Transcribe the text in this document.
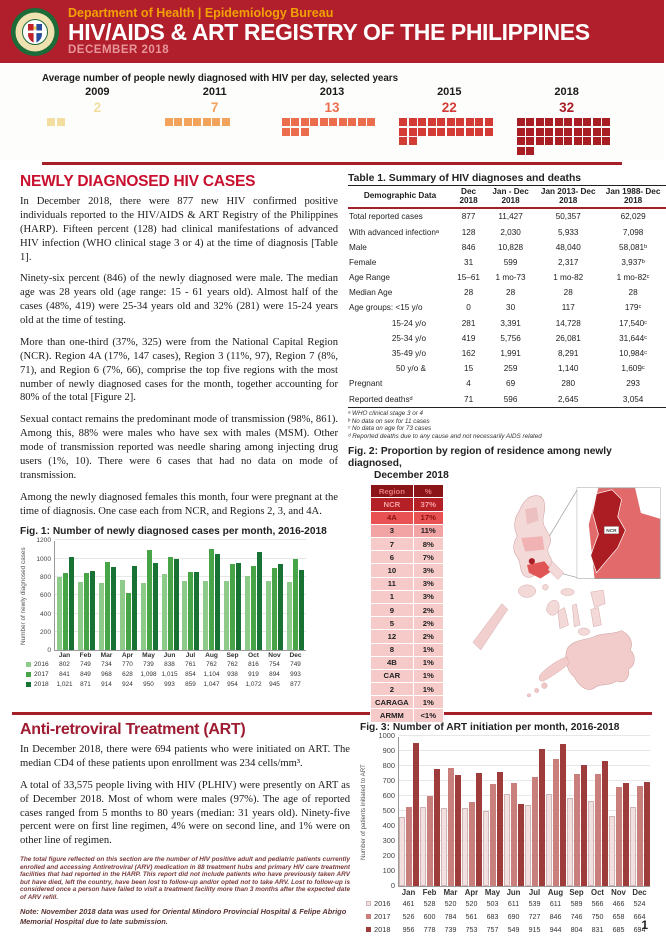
Department of Health | Epidemiology Bureau
HIV/AIDS & ART REGISTRY OF THE PHILIPPINES
DECEMBER 2018
Average number of people newly diagnosed with HIV per day, selected years
2009
2
2011
7
2013
13
2015
22
2018
32
NEWLY DIAGNOSED HIV CASES

In December 2018, there were 877 new HIV confirmed positive individuals reported to the HIV/AIDS & ART Registry of the Philippines (HARP). Fifteen percent (128) had clinical manifestations of advanced HIV infection (WHO clinical stage 3 or 4) at the time of diagnosis [Table 1].

Ninety-six percent (846) of the newly diagnosed were male. The median age was 28 years old (age range: 15 - 61 years old). Almost half of the cases (48%, 419) were 25-34 years old and 32% (281) were 15-24 years old at the time of testing.

More than one-third (37%, 325) were from the National Capital Region (NCR). Region 4A (17%, 147 cases), Region 3 (11%, 97), Region 7 (8%, 71), and Region 6 (7%, 66), comprise the top five regions with the most number of newly diagnosed cases for the month, together accounting for 80% of the total [Figure 2].

Sexual contact remains the predominant mode of transmission (98%, 861). Among this, 88% were males who have sex with males (MSM). Other mode of transmission reported was needle sharing among injecting drug users (1%, 10). There were 6 cases that had no data on mode of transmission.

Among the newly diagnosed females this month, four were pregnant at the time of diagnosis. One case each from NCR, and Regions 2, 3, and 4A.

Fig. 1: Number of newly diagnosed cases per month, 2016-2018
Number of newly diagnosed cases
0
200
400
600
800
1000
1200
Jan	Feb	Mar	Apr	May	Jun	Jul	Aug	Sep	Oct	Nov	Dec
2016	802	749	734	770	739	838	761	762	762	816	754	749
2017	841	849	968	628	1,098 1,015	854	1,104	938	919	894	993
2018	1,021	871	914	924	950	993	859	1,047	954	1,072	945	877
Table 1. Summary of HIV diagnoses and deaths
Demographic Data	Dec 2018	Jan - Dec 2018	Jan 2013- Dec 2018	Jan 1988- Dec 2018
Total reported cases	877	11,427	50,357	62,029
With advanced infectionᵃ	128	2,030	5,933	7,098
Male	846	10,828	48,040	58,081ᵇ
Female	31	599	2,317	3,937ᵇ
Age Range	15–61	1 mo-73	1 mo-82	1 mo-82ᶜ
Median Age	28	28	28	28
Age groups: <15 y/o	0	30	117	179ᶜ
15-24 y/o	281	3,391	14,728	17,540ᶜ
25-34 y/o	419	5,756	26,081	31,644ᶜ
35-49 y/o	162	1,991	8,291	10,984ᶜ
50 y/o &	15	259	1,140	1,609ᶜ
Pregnant	4	69	280	293
Reported deathsᵈ	71	596	2,645	3,054
ᵃ WHO clinical stage 3 or 4
ᵇ No data on sex for 11 cases
ᶜ No data on age for 73 cases
ᵈ Reported deaths due to any cause and not necessarily AIDS related
Fig. 2: Proportion by region of residence among newly diagnosed,
December 2018
Region	%
NCR	37%
4A	17%
3	11%
7	8%
6	7%
10	3%
11	3%
1	3%
9	2%
5	2%
12	2%
8	1%
4B	1%
CAR	1%
2	1%
CARAGA	1%
ARMM	<1%
NCR
Anti-retroviral Treatment (ART)

In December 2018, there were 694 patients who were initiated on ART. The median CD4 of these patients upon enrollment was 234 cells/mm³.

A total of 33,575 people living with HIV (PLHIV) were presently on ART as of December 2018. Most of whom were males (97%). The age of reported cases ranged from 5 months to 80 years (median: 31 years old). Ninety-five percent were on first line regimen, 4% were on second line, and 1% were on other line of regimen.

The total figure reflected on this section are the number of HIV positive adult and pediatric patients currently enrolled and accessing Antiretroviral (ARV) medication in 88 treatment hubs and primary HIV care treatment facilities that had reported in the HARP. This report did not include patients who have previously taken ARV but have died, left the country, have been lost to follow-up and/or opted not to take ARV. Lost to follow-up is considered once a person have failed to visit a treatment facility more than 3 months after the expected date of ARV refill.
Note: November 2018 data was used for Oriental Mindoro Provincial Hospital & Felipe Abrigo Memorial Hospital due to late submission.
Fig. 3: Number of ART initiation per month, 2016-2018
Number of patients initiated to ART
0
100
200
300
400
500
600
700
800
900
1000
Jan Feb Mar Apr May Jun	Jul Aug Sep Oct Nov Dec
2016	461	528	520	520	503	611	539	611	589	566	466	524
2017	526	600	784	561	683	690	727	846	746	750	658	664
2018	956	778	739	753	757	549	915	944	804	831	685	694
1
